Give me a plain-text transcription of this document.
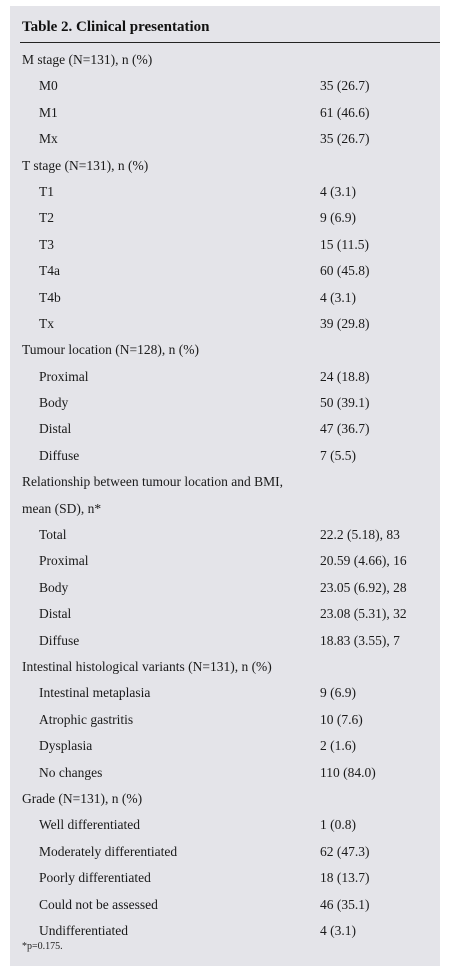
Table 2. Clinical presentation
M stage (N=131), n (%)
M0	35 (26.7)
M1	61 (46.6)
Mx	35 (26.7)
T stage (N=131), n (%)
T1	4 (3.1)
T2	9 (6.9)
T3	15 (11.5)
T4a	60 (45.8)
T4b	4 (3.1)
Tx	39 (29.8)
Tumour location (N=128), n (%)
Proximal	24 (18.8)
Body	50 (39.1)
Distal	47 (36.7)
Diffuse	7 (5.5)
Relationship between tumour location and BMI, mean (SD), n*
Total	22.2 (5.18), 83
Proximal	20.59 (4.66), 16
Body	23.05 (6.92), 28
Distal	23.08 (5.31), 32
Diffuse	18.83 (3.55), 7
Intestinal histological variants (N=131), n (%)
Intestinal metaplasia	9 (6.9)
Atrophic gastritis	10 (7.6)
Dysplasia	2 (1.6)
No changes	110 (84.0)
Grade (N=131), n (%)
Well differentiated	1 (0.8)
Moderately differentiated	62 (47.3)
Poorly differentiated	18 (13.7)
Could not be assessed	46 (35.1)
Undifferentiated	4 (3.1)
*p=0.175.
